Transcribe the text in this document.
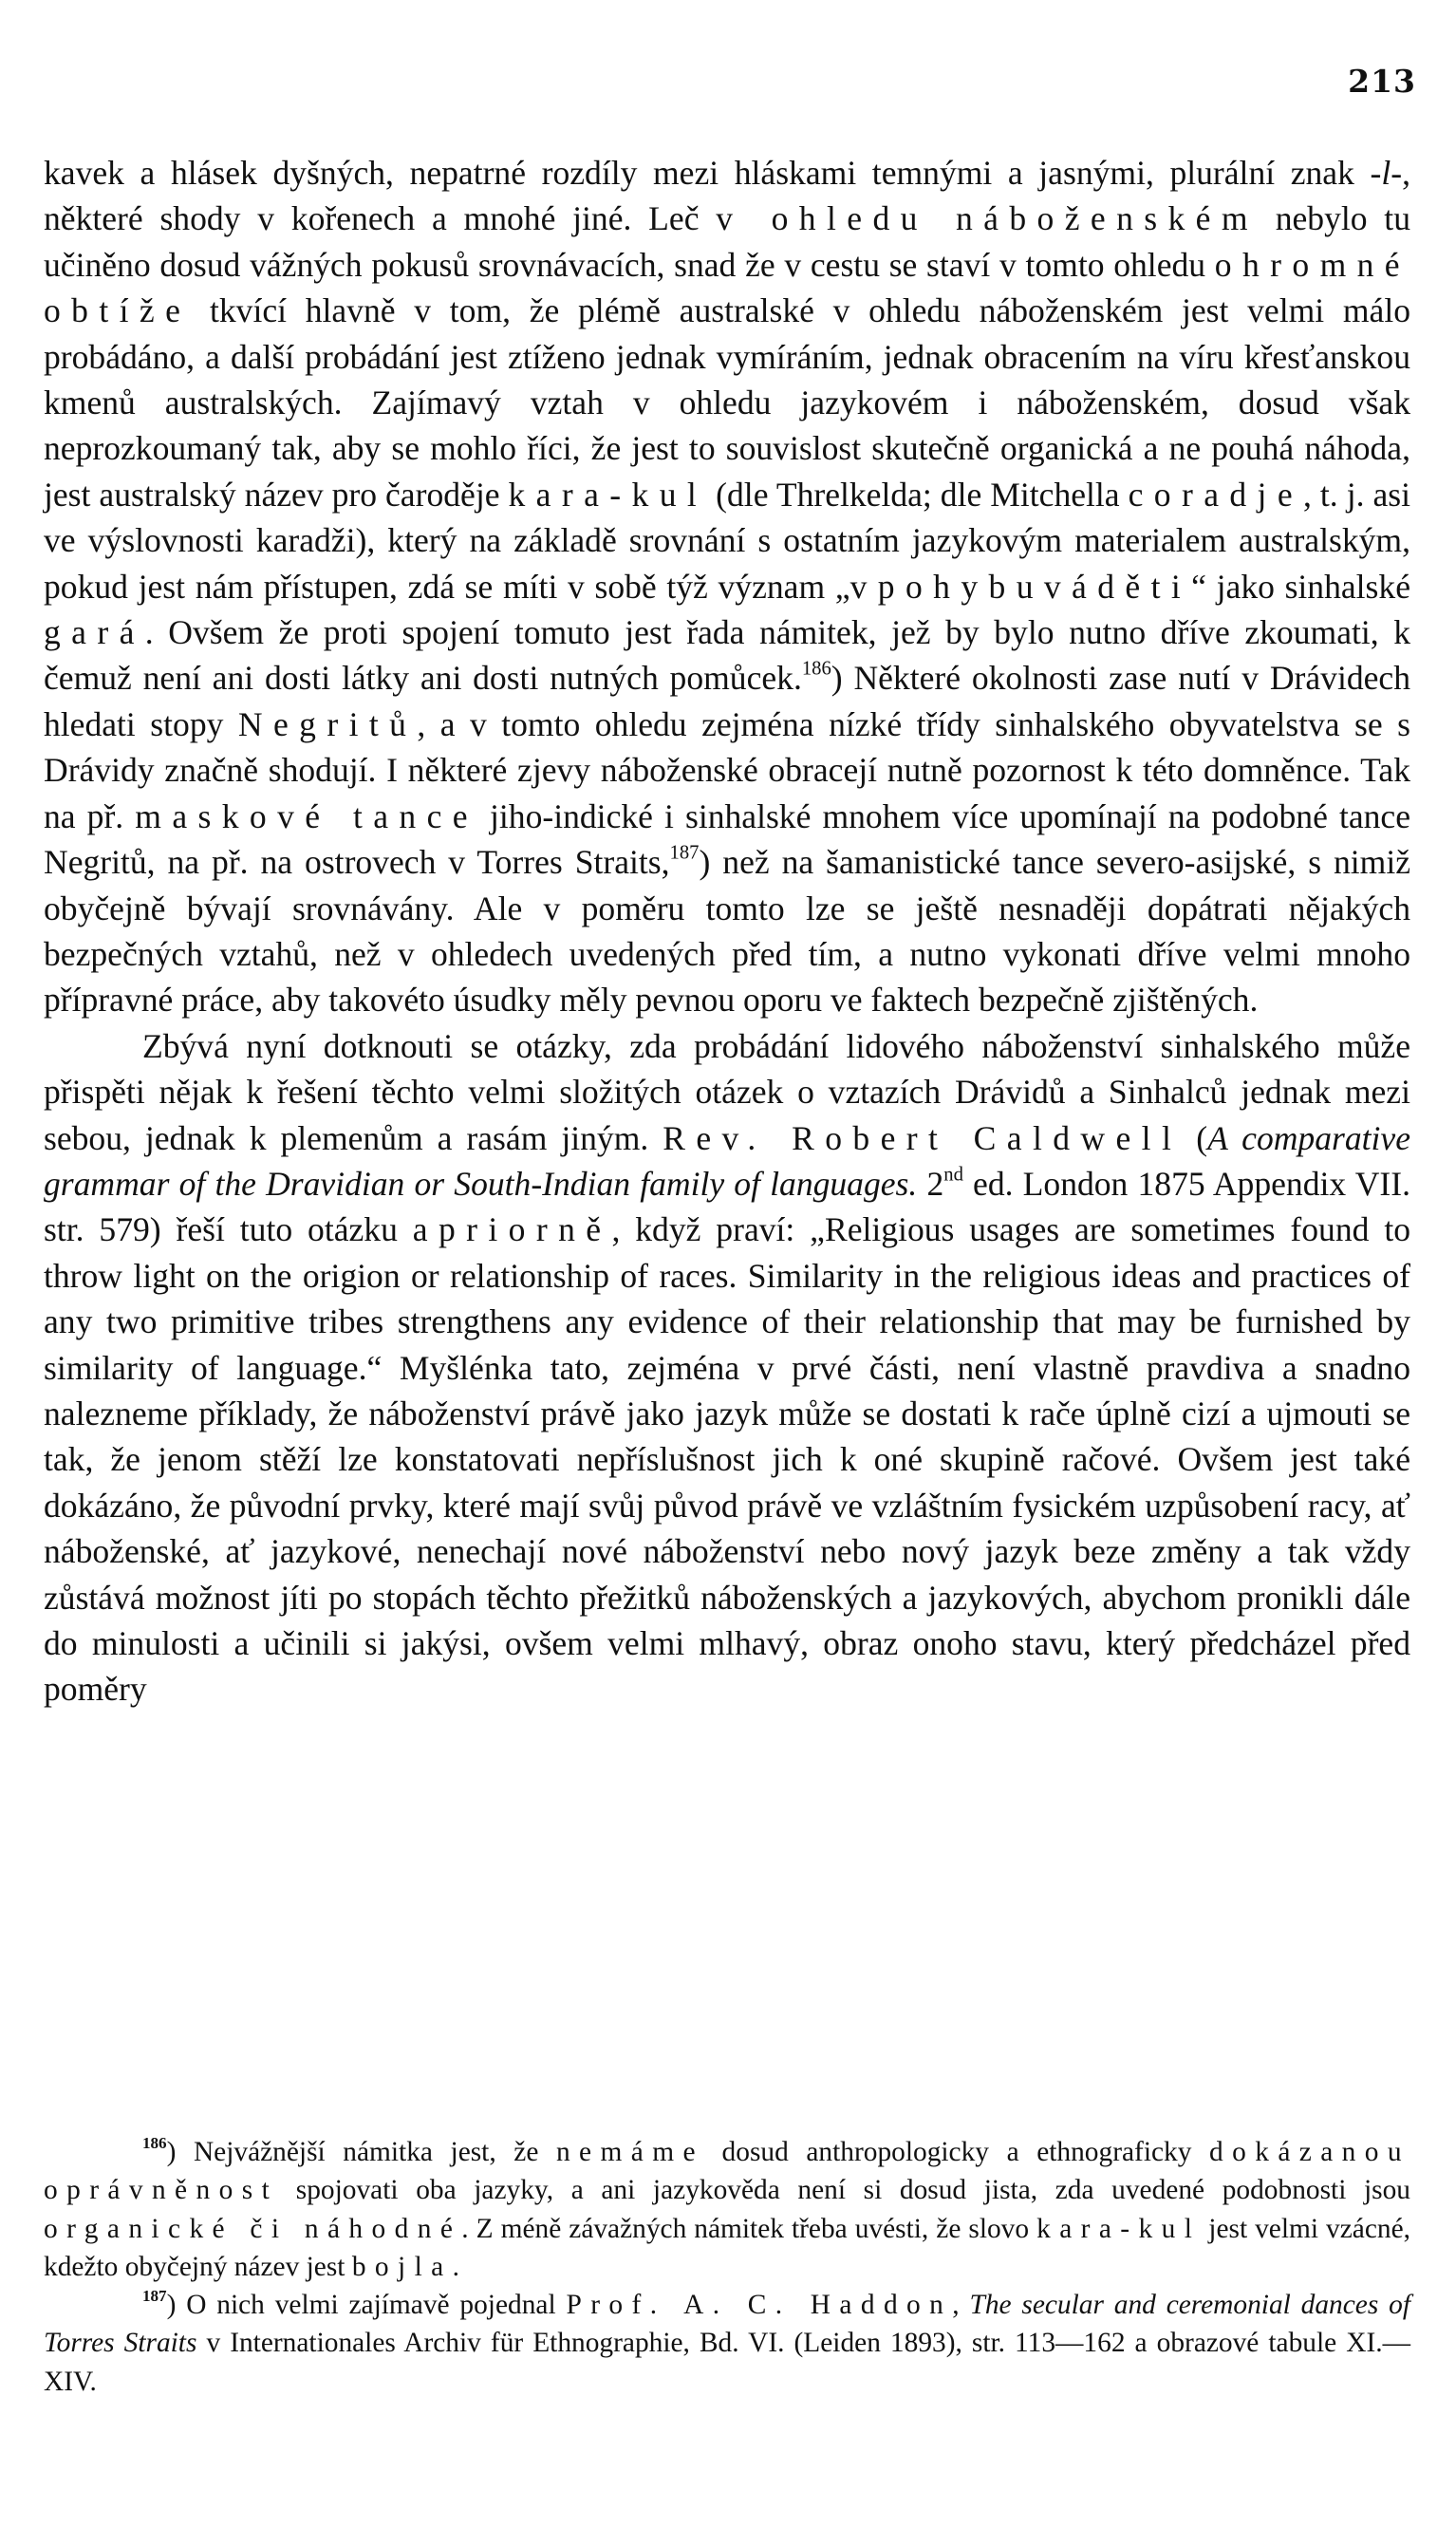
213

kavek a hlásek dyšných, nepatrné rozdíly mezi hláskami temnými a jasnými, plurální znak -l-, některé shody v kořenech a mnohé jiné. Leč v ohledu náboženském nebylo tu učiněno dosud vážných pokusů srovnávacích, snad že v cestu se staví v tomto ohledu ohromné obtíže tkvící hlavně v tom, že plémě australské v ohledu náboženském jest velmi málo probádáno, a další probádání jest ztíženo jednak vymíráním, jednak obracením na víru křesťanskou kmenů australských. Zajímavý vztah v ohledu jazykovém i náboženském, dosud však neprozkoumaný tak, aby se mohlo říci, že jest to souvislost skutečně organická a ne pouhá náhoda, jest australský název pro čaroděje kara-kul (dle Threlkelda; dle Mitchella coradje, t. j. asi ve výslovnosti karadži), který na základě srovnání s ostatním jazykovým materialem australským, pokud jest nám přístupen, zdá se míti v sobě týž význam „vpohybuváděti“ jako sinhalské gará. Ovšem že proti spojení tomuto jest řada námitek, jež by bylo nutno dříve zkoumati, k čemuž není ani dosti látky ani dosti nutných pomůcek.$^{186}$) Některé okolnosti zase nutí v Drávidech hledati stopy Negritů, a v tomto ohledu zejména nízké třídy sinhalského obyvatelstva se s Drávidy značně shodují. I některé zjevy náboženské obracejí nutně pozornost k této domněnce. Tak na př. maskové tance jiho-indické i sinhalské mnohem více upomínají na podobné tance Negritů, na př. na ostrovech v Torres Straits,$^{187}$) než na šamanistické tance severo-asijské, s nimiž obyčejně bývají srovnávány. Ale v poměru tomto lze se ještě nesnaději dopátrati nějakých bezpečných vztahů, než v ohledech uvedených před tím, a nutno vykonati dříve velmi mnoho přípravné práce, aby takovéto úsudky měly pevnou oporu ve faktech bezpečně zjištěných.

Zbývá nyní dotknouti se otázky, zda probádání lidového náboženství sinhalského může přispěti nějak k řešení těchto velmi složitých otázek o vztazích Drávidů a Sinhalců jednak mezi sebou, jednak k plemenům a rasám jiným. Rev. Robert Caldwell (A comparative grammar of the Dravidian or South-Indian family of languages. 2nd ed. London 1875 Appendix VII. str. 579) řeší tuto otázku apriorně, když praví: „Religious usages are sometimes found to throw light on the origion or relationship of races. Similarity in the religious ideas and practices of any two primitive tribes strengthens any evidence of their relationship that may be furnished by similarity of language.“ Myšlénka tato, zejména v prvé části, není vlastně pravdiva a snadno nalezneme příklady, že náboženství právě jako jazyk může se dostati k rače úplně cizí a ujmouti se tak, že jenom stěží lze konstatovati nepříslušnost jich k oné skupině račové. Ovšem jest také dokázáno, že původní prvky, které mají svůj původ právě ve vzláštním fysickém uzpůsobení racy, ať náboženské, ať jazykové, nenechají nové náboženství nebo nový jazyk beze změny a tak vždy zůstává možnost jíti po stopách těchto přežitků náboženských a jazykových, abychom pronikli dále do minulosti a učinili si jakýsi, ovšem velmi mlhavý, obraz onoho stavu, který předcházel před poměry

$^{186}$) Nejvážnější námitka jest, že nemáme dosud anthropologicky a ethnograficky dokázanou oprávněnost spojovati oba jazyky, a ani jazykověda není si dosud jista, zda uvedené podobnosti jsou organické či náhodné. Z méně závažných námitek třeba uvésti, že slovo kara-kul jest velmi vzácné, kdežto obyčejný název jest bojla.

$^{187}$) O nich velmi zajímavě pojednal Prof. A. C. Haddon, The secular and ceremonial dances of Torres Straits v Internationales Archiv für Ethnographie, Bd. VI. (Leiden 1893), str. 113—162 a obrazové tabule XI.—XIV.
